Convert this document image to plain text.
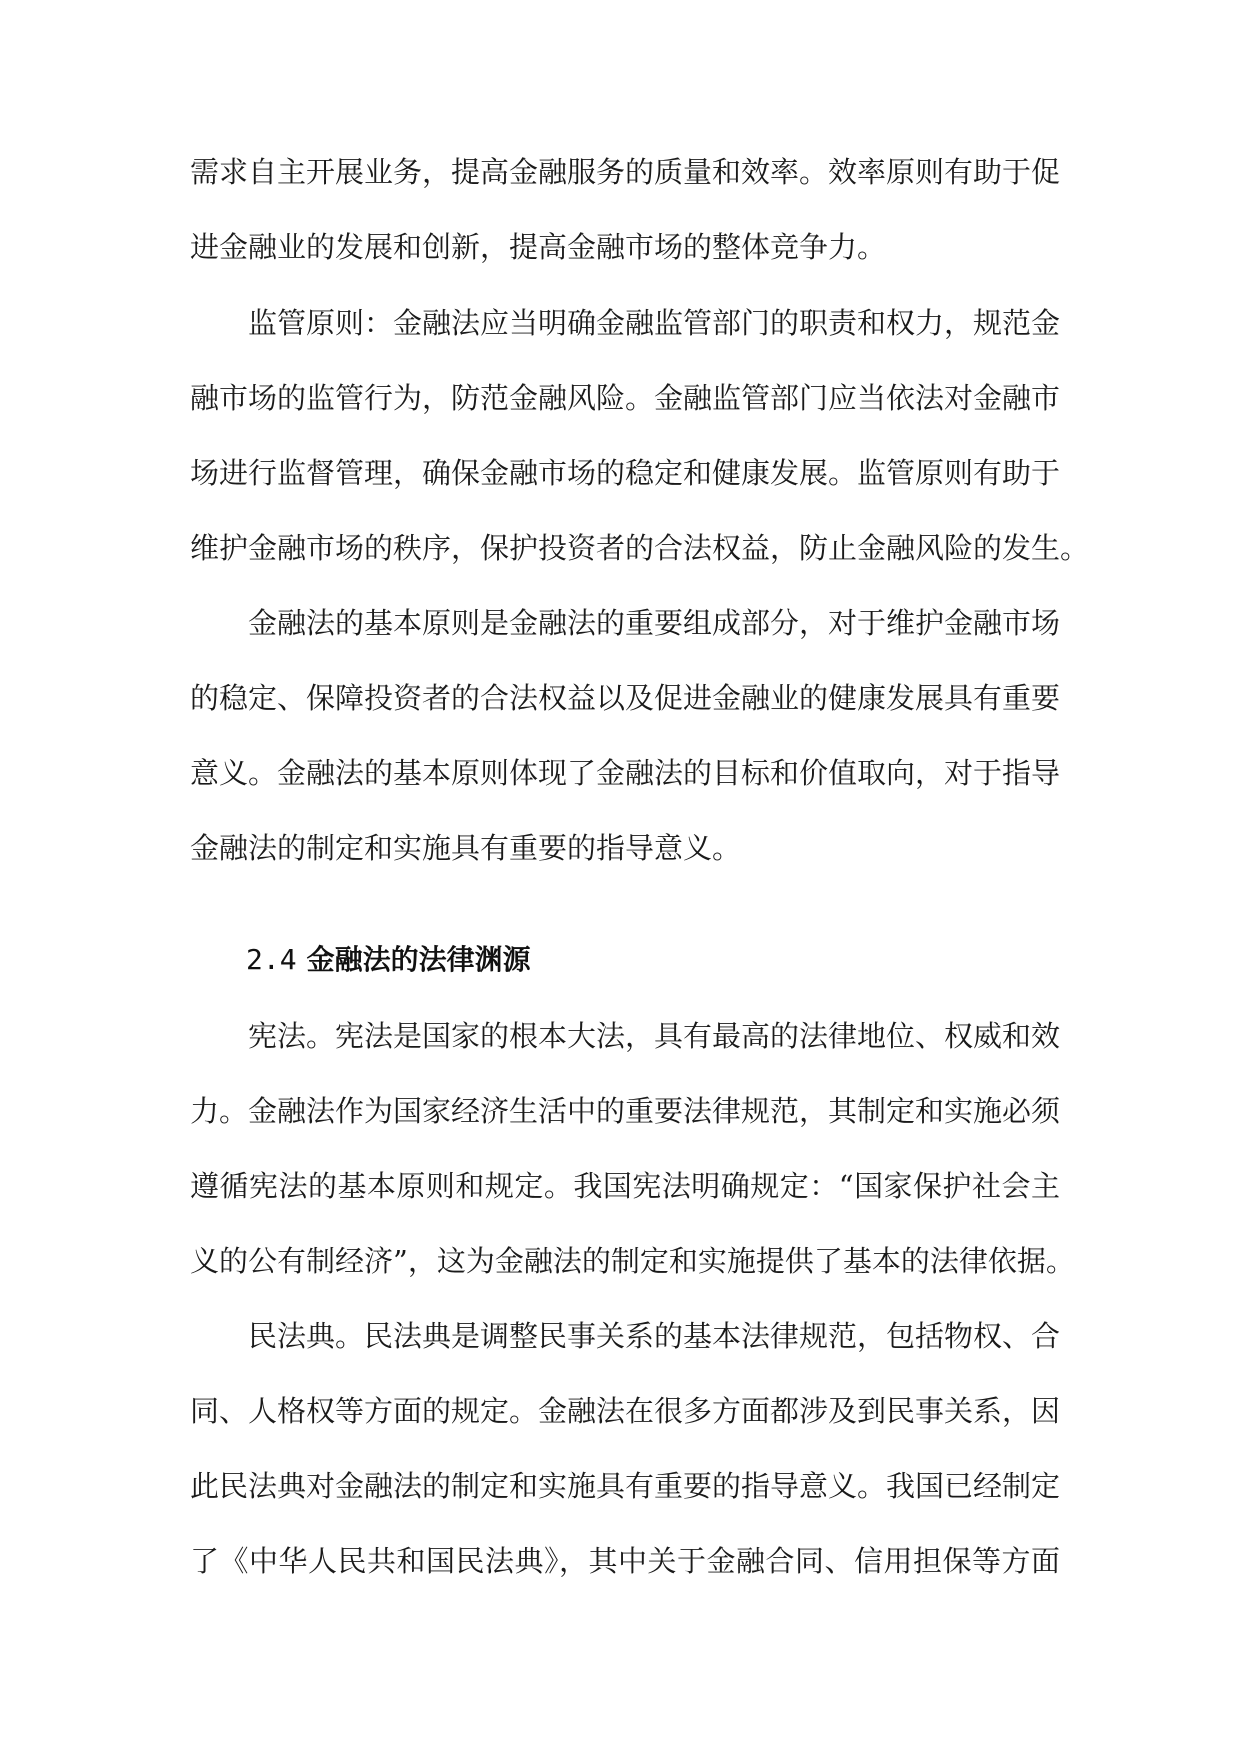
需求自主开展业务，提高金融服务的质量和效率。效率原则有助于促
进金融业的发展和创新，提高金融市场的整体竞争力。
监管原则：金融法应当明确金融监管部门的职责和权力，规范金
融市场的监管行为，防范金融风险。金融监管部门应当依法对金融市
场进行监督管理，确保金融市场的稳定和健康发展。监管原则有助于
维护金融市场的秩序，保护投资者的合法权益，防止金融风险的发生。
金融法的基本原则是金融法的重要组成部分，对于维护金融市场
的稳定、保障投资者的合法权益以及促进金融业的健康发展具有重要
意义。金融法的基本原则体现了金融法的目标和价值取向，对于指导
金融法的制定和实施具有重要的指导意义。
2.4 金融法的法律渊源
宪法。宪法是国家的根本大法，具有最高的法律地位、权威和效
力。金融法作为国家经济生活中的重要法律规范，其制定和实施必须
遵循宪法的基本原则和规定。我国宪法明确规定：“国家保护社会主
义的公有制经济”，这为金融法的制定和实施提供了基本的法律依据。
民法典。民法典是调整民事关系的基本法律规范，包括物权、合
同、人格权等方面的规定。金融法在很多方面都涉及到民事关系，因
此民法典对金融法的制定和实施具有重要的指导意义。我国已经制定
了《中华人民共和国民法典》，其中关于金融合同、信用担保等方面
